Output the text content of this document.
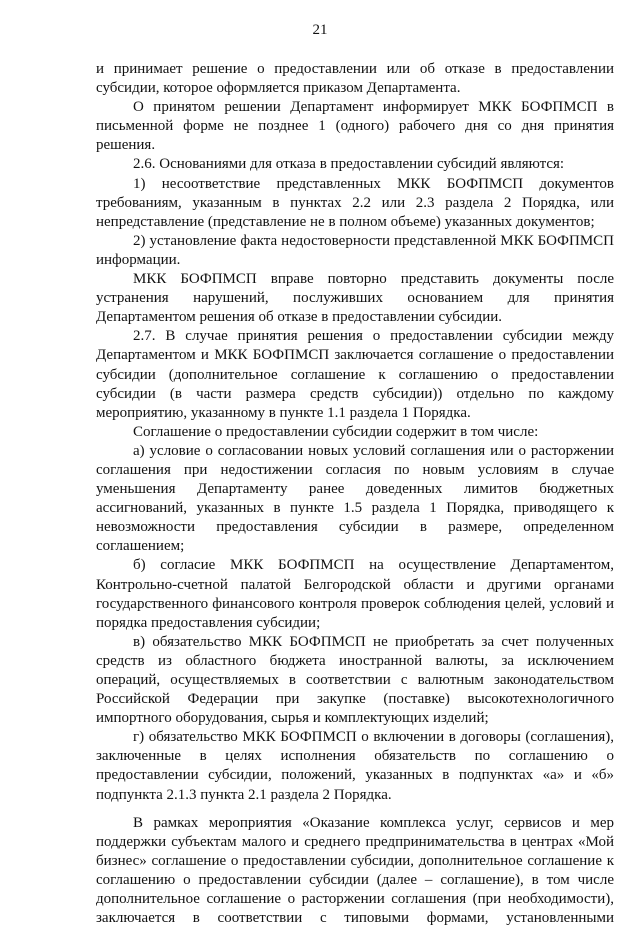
21

и принимает решение о предоставлении или об отказе в предоставлении субсидии, которое оформляется приказом Департамента.

О принятом решении Департамент информирует МКК БОФПМСП в письменной форме не позднее 1 (одного) рабочего дня со дня принятия решения.

2.6. Основаниями для отказа в предоставлении субсидий являются:

1) несоответствие представленных МКК БОФПМСП документов требованиям, указанным в пунктах 2.2 или 2.3 раздела 2 Порядка, или непредставление (представление не в полном объеме) указанных документов;

2) установление факта недостоверности представленной МКК БОФПМСП информации.

МКК БОФПМСП вправе повторно представить документы после устранения нарушений, послуживших основанием для принятия Департаментом решения об отказе в предоставлении субсидии.

2.7. В случае принятия решения о предоставлении субсидии между Департаментом и МКК БОФПМСП заключается соглашение о предоставлении субсидии (дополнительное соглашение к соглашению о предоставлении субсидии (в части размера средств субсидии)) отдельно по каждому мероприятию, указанному в пункте 1.1 раздела 1 Порядка.

Соглашение о предоставлении субсидии содержит в том числе:

а) условие о согласовании новых условий соглашения или о расторжении соглашения при недостижении согласия по новым условиям в случае уменьшения Департаменту ранее доведенных лимитов бюджетных ассигнований, указанных в пункте 1.5 раздела 1 Порядка, приводящего к невозможности предоставления субсидии в размере, определенном соглашением;

б) согласие МКК БОФПМСП на осуществление Департаментом, Контрольно-счетной палатой Белгородской области и другими органами государственного финансового контроля проверок соблюдения целей, условий и порядка предоставления субсидии;

в) обязательство МКК БОФПМСП не приобретать за счет полученных средств из областного бюджета иностранной валюты, за исключением операций, осуществляемых в соответствии с валютным законодательством Российской Федерации при закупке (поставке) высокотехнологичного импортного оборудования, сырья и комплектующих изделий;

г) обязательство МКК БОФПМСП о включении в договоры (соглашения), заключенные в целях исполнения обязательств по соглашению о предоставлении субсидии, положений, указанных в подпунктах «а» и «б» подпункта 2.1.3 пункта 2.1 раздела 2 Порядка.

В рамках мероприятия «Оказание комплекса услуг, сервисов и мер поддержки субъектам малого и среднего предпринимательства в центрах «Мой бизнес» соглашение о предоставлении субсидии, дополнительное соглашение к соглашению о предоставлении субсидии (далее – соглашение), в том числе дополнительное соглашение о расторжении соглашения (при необходимости), заключается в соответствии с типовыми формами, установленными
